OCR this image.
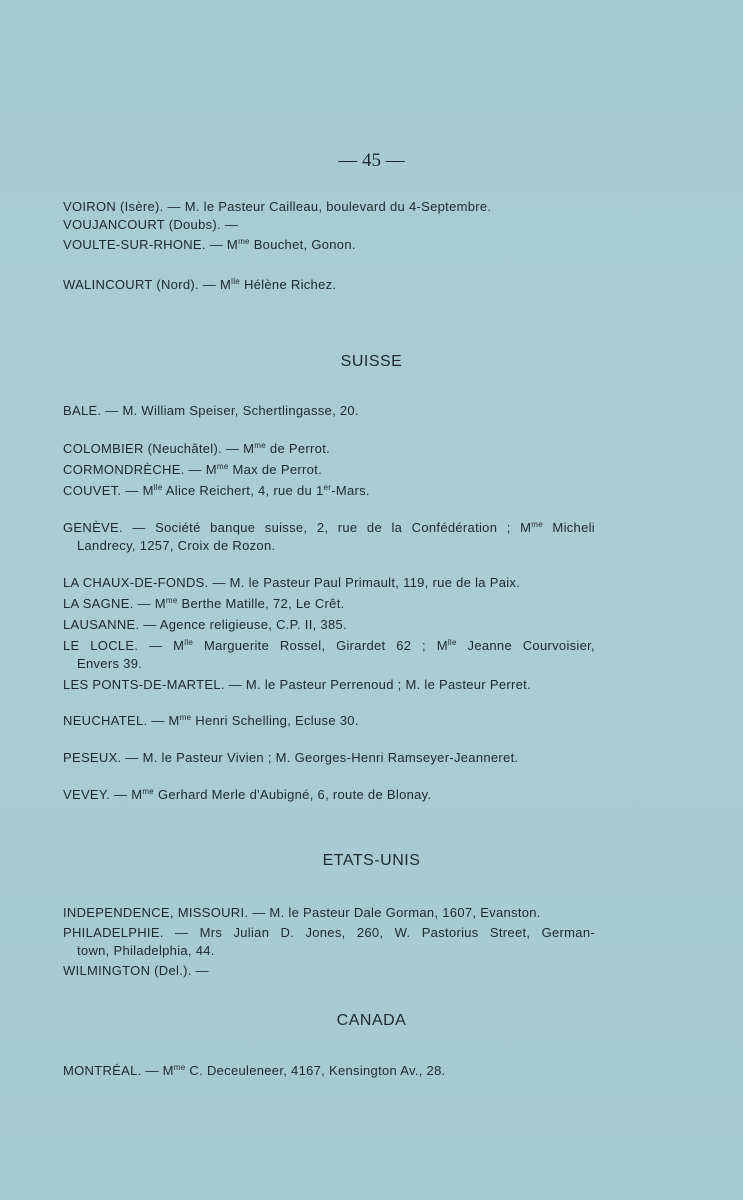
— 45 —

VOIRON (Isère). — M. le Pasteur Cailleau, boulevard du 4-Septembre.

VOUJANCOURT (Doubs). —

VOULTE-SUR-RHONE. — $M^{me}$ Bouchet, Gonon.

WALINCOURT (Nord). — $M^{lle}$ Hélène Richez.

SUISSE

BALE. — M. William Speiser, Schertlingasse, 20.

COLOMBIER (Neuchâtel). — $M^{me}$ de Perrot.

CORMONDRÈCHE. — $M^{me}$ Max de Perrot.

COUVET. — $M^{lle}$ Alice Reichert, 4, rue du 1er-Mars.

GENÈVE. — Société banque suisse, 2, rue de la Confédération ; $M^{me}$ Micheli

Landrecy, 1257, Croix de Rozon.

LA CHAUX-DE-FONDS. — M. le Pasteur Paul Primault, 119, rue de la Paix.

LA SAGNE. — $M^{me}$ Berthe Matille, 72, Le Crêt.

LAUSANNE. — Agence religieuse, C.P. II, 385.

LE LOCLE. — $M^{lle}$ Marguerite Rossel, Girardet 62 ; $M^{lle}$ Jeanne Courvoisier,

Envers 39.

LES PONTS-DE-MARTEL. — M. le Pasteur Perrenoud ; M. le Pasteur Perret.

NEUCHATEL. — $M^{me}$ Henri Schelling, Ecluse 30.

PESEUX. — M. le Pasteur Vivien ; M. Georges-Henri Ramseyer-Jeanneret.

VEVEY. — $M^{me}$ Gerhard Merle d'Aubigné, 6, route de Blonay.

ETATS-UNIS

INDEPENDENCE, MISSOURI. — M. le Pasteur Dale Gorman, 1607, Evanston.

PHILADELPHIE. — Mrs Julian D. Jones, 260, W. Pastorius Street, German-

town, Philadelphia, 44.

WILMINGTON (Del.). —

CANADA

MONTRÉAL. — $M^{me}$ C. Deceuleneer, 4167, Kensington Av., 28.
